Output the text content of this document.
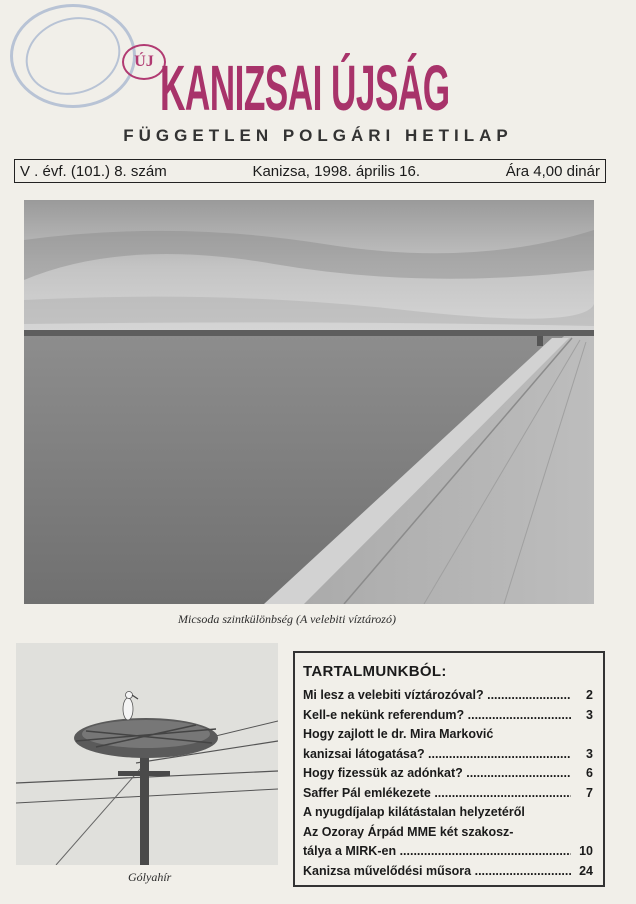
ÚJ KANIZSAI ÚJSÁG
FÜGGETLEN POLGÁRI HETILAP
V . évf. (101.) 8. szám	Kanizsa, 1998. április 16.	Ára 4,00 dinár
Micsoda szintkülönbség (A velebiti víztározó)
Gólyahír
TARTALMUNKBÓL:
Mi lesz a velebiti víztározóval? .....	2
Kell-e nekünk referendum? .....	3
Hogy zajlott le dr. Mira Marković
kanizsai látogatása? .....	3
Hogy fizessük az adónkat? .....	6
Saffer Pál emlékezete .....	7
A nyugdíjalap kilátástalan helyzetéről
Az Ozoray Árpád MME két szakosz-
tálya a MIRK-en .....	10
Kanizsa művelődési műsora .....	24
